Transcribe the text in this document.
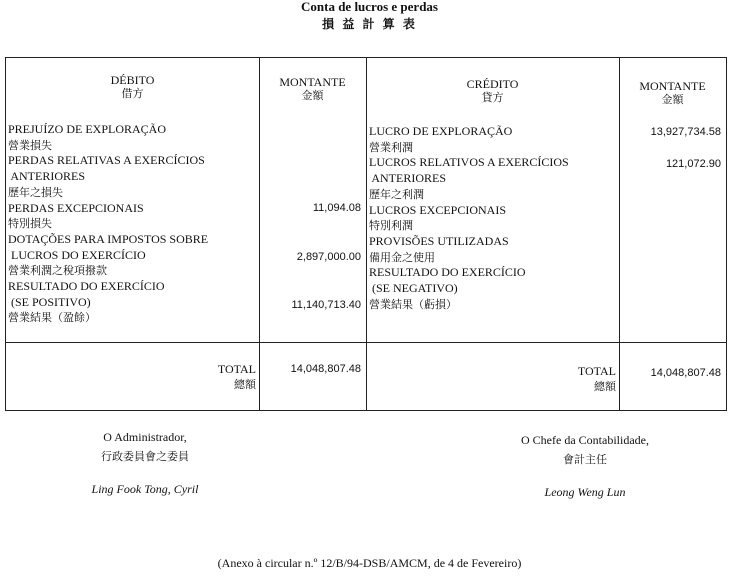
Conta de lucros e perdas
損 益 計 算 表
DÉBITO
借方
MONTANTE
金額
CRÉDITO
貸方
MONTANTE
金額
PREJUÍZO DE EXPLORAÇÃO
營業損失
PERDAS RELATIVAS A EXERCÍCIOS
ANTERIORES
歷年之損失
PERDAS EXCEPCIONAIS
特別損失
DOTAÇÕES PARA IMPOSTOS SOBRE
LUCROS DO EXERCÍCIO
營業利潤之稅項撥款
RESULTADO DO EXERCÍCIO
(SE POSITIVO)
營業結果（盈餘）
11,094.08
2,897,000.00
11,140,713.40
LUCRO DE EXPLORAÇÃO
營業利潤
LUCROS RELATIVOS A EXERCÍCIOS
ANTERIORES
歷年之利潤
LUCROS EXCEPCIONAIS
特別利潤
PROVISÕES UTILIZADAS
備用金之使用
RESULTADO DO EXERCÍCIO
(SE NEGATIVO)
營業結果（虧損）
13,927,734.58
121,072.90
TOTAL
總額
14,048,807.48	TOTAL
總額
14,048,807.48
O Administrador,
行政委員會之委員
Ling Fook Tong, Cyril
O Chefe da Contabilidade,
會計主任
Leong Weng Lun
(Anexo à circular n.º 12/B/94-DSB/AMCM, de 4 de Fevereiro)
